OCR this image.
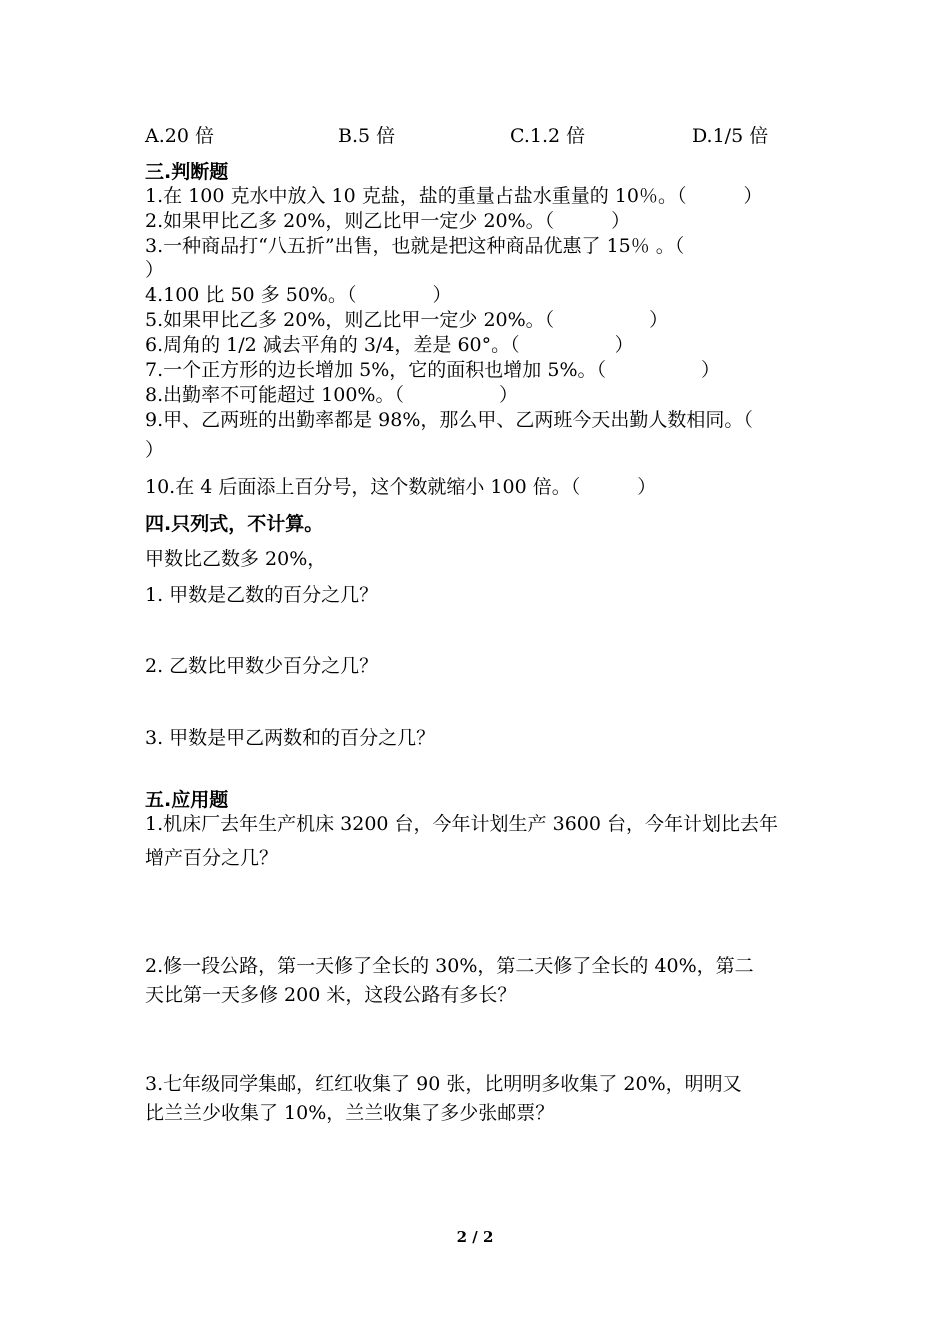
A.20 倍	B.5 倍	C.1.2 倍	D.1/5 倍
三.判断题
1.在 100 克水中放入 10 克盐，盐的重量占盐水重量的 10％。（　　　）
2.如果甲比乙多 20%，则乙比甲一定少 20%。（　　　）
3.一种商品打“八五折”出售，也就是把这种商品优惠了 15％ 。（
）
4.100 比 50 多 50%。（　　　　）
5.如果甲比乙多 20%，则乙比甲一定少 20%。（　　　　　）
6.周角的 1/2 减去平角的 3/4，差是 60°。（　　　　　）
7.一个正方形的边长增加 5%，它的面积也增加 5%。（　　　　　）
8.出勤率不可能超过 100%。（　　　　　）
9.甲、乙两班的出勤率都是 98%，那么甲、乙两班今天出勤人数相同。（
）
10.在 4 后面添上百分号，这个数就缩小 100 倍。（　　　）
四.只列式，不计算。
甲数比乙数多 20%，
1. 甲数是乙数的百分之几？
2. 乙数比甲数少百分之几？
3. 甲数是甲乙两数和的百分之几？
五.应用题
1.机床厂去年生产机床 3200 台，今年计划生产 3600 台，今年计划比去年
增产百分之几？
2.修一段公路，第一天修了全长的 30%，第二天修了全长的 40%，第二
天比第一天多修 200 米，这段公路有多长？
3.七年级同学集邮，红红收集了 90 张，比明明多收集了 20%，明明又
比兰兰少收集了 10%，兰兰收集了多少张邮票？
2 / 2
